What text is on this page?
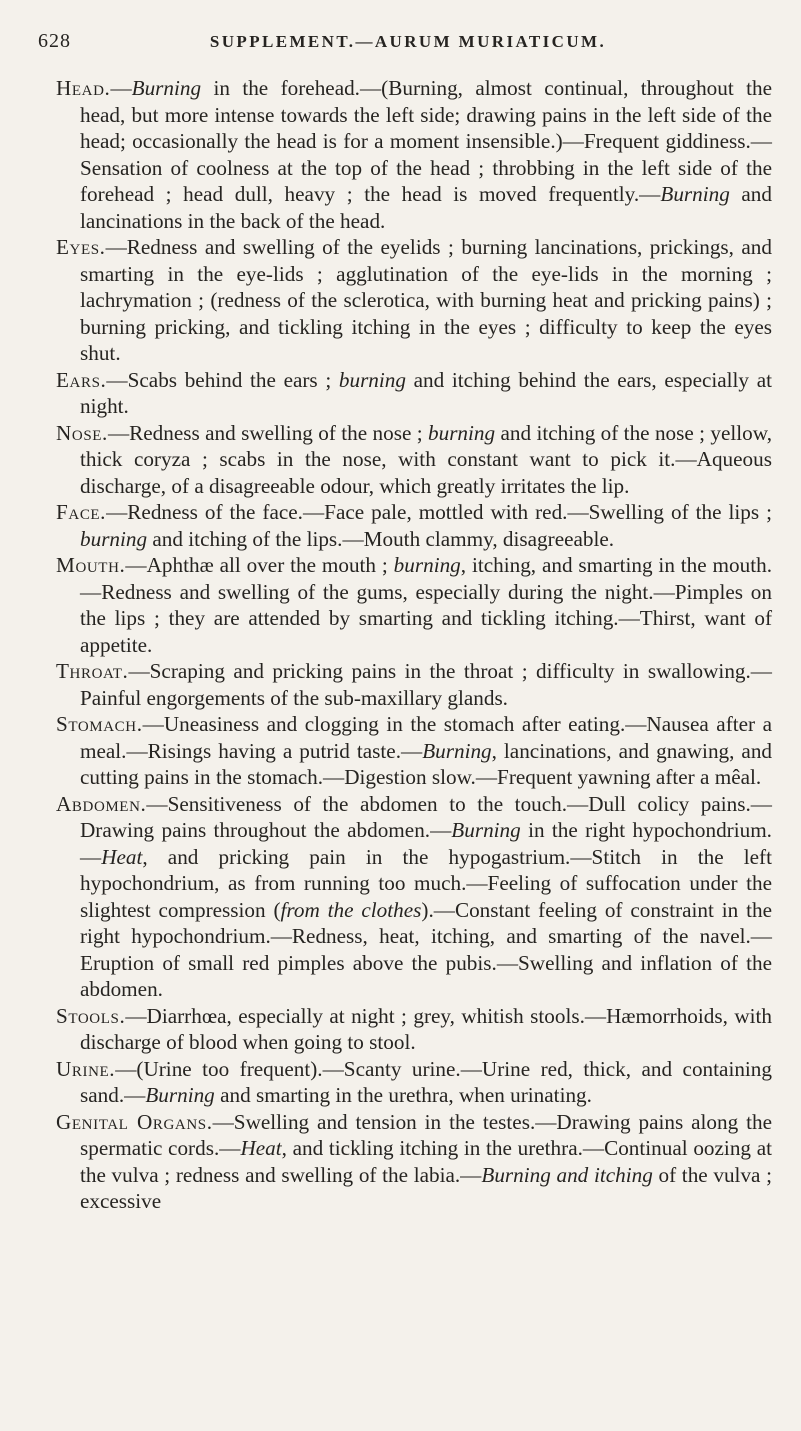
628	SUPPLEMENT.—AURUM MURIATICUM.

Head.—Burning in the forehead.—(Burning, almost continual, throughout the head, but more intense towards the left side; drawing pains in the left side of the head; occasionally the head is for a moment insensible.)—Frequent giddiness.—Sensation of coolness at the top of the head ; throbbing in the left side of the forehead ; head dull, heavy ; the head is moved frequently.—Burning and lancinations in the back of the head.

Eyes.—Redness and swelling of the eyelids ; burning lancinations, prickings, and smarting in the eye-lids ; agglutination of the eye-lids in the morning ; lachrymation ; (redness of the sclerotica, with burning heat and pricking pains) ; burning pricking, and tickling itching in the eyes ; difficulty to keep the eyes shut.

Ears.—Scabs behind the ears ; burning and itching behind the ears, especially at night.

Nose.—Redness and swelling of the nose ; burning and itching of the nose ; yellow, thick coryza ; scabs in the nose, with constant want to pick it.—Aqueous discharge, of a disagreeable odour, which greatly irritates the lip.

Face.—Redness of the face.—Face pale, mottled with red.—Swelling of the lips ; burning and itching of the lips.—Mouth clammy, disagreeable.

Mouth.—Aphthæ all over the mouth ; burning, itching, and smarting in the mouth.—Redness and swelling of the gums, especially during the night.—Pimples on the lips ; they are attended by smarting and tickling itching.—Thirst, want of appetite.

Throat.—Scraping and pricking pains in the throat ; difficulty in swallowing.—Painful engorgements of the sub-maxillary glands.

Stomach.—Uneasiness and clogging in the stomach after eating.—Nausea after a meal.—Risings having a putrid taste.—Burning, lancinations, and gnawing, and cutting pains in the stomach.—Digestion slow.—Frequent yawning after a mêal.

Abdomen.—Sensitiveness of the abdomen to the touch.—Dull colicy pains.—Drawing pains throughout the abdomen.—Burning in the right hypochondrium.—Heat, and pricking pain in the hypogastrium.—Stitch in the left hypochondrium, as from running too much.—Feeling of suffocation under the slightest compression (from the clothes).—Constant feeling of constraint in the right hypochondrium.—Redness, heat, itching, and smarting of the navel.—Eruption of small red pimples above the pubis.—Swelling and inflation of the abdomen.

Stools.—Diarrhœa, especially at night ; grey, whitish stools.—Hæmorrhoids, with discharge of blood when going to stool.

Urine.—(Urine too frequent).—Scanty urine.—Urine red, thick, and containing sand.—Burning and smarting in the urethra, when urinating.

Genital Organs.—Swelling and tension in the testes.—Drawing pains along the spermatic cords.—Heat, and tickling itching in the urethra.—Continual oozing at the vulva ; redness and swelling of the labia.—Burning and itching of the vulva ; excessive
